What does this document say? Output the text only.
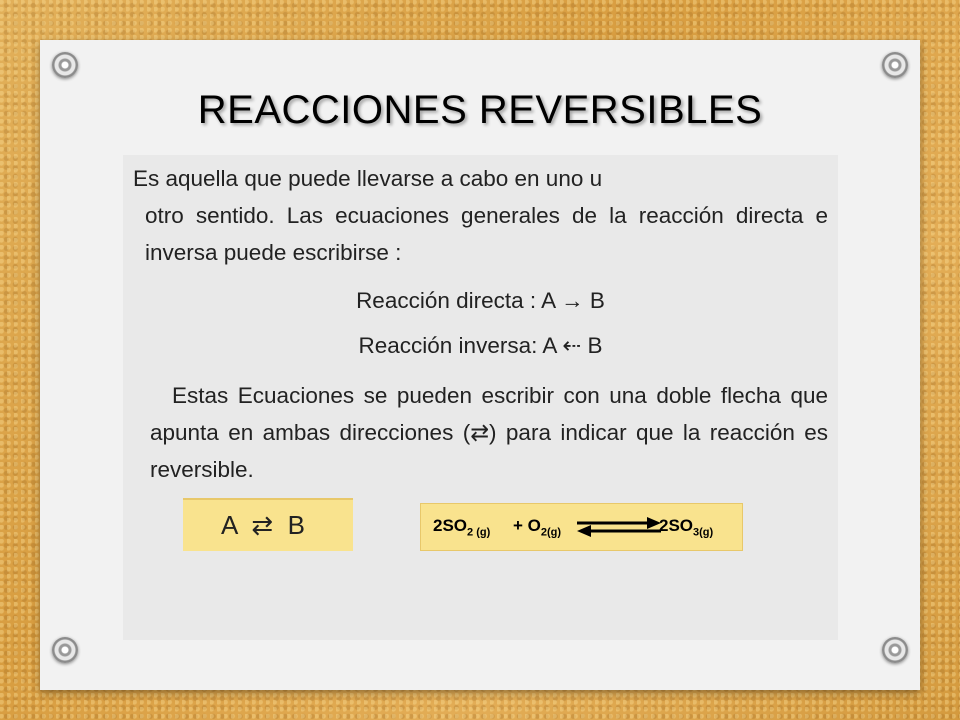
REACCIONES REVERSIBLES

Es aquella que puede llevarse a cabo en uno u
otro sentido. Las ecuaciones generales de la reacción directa e inversa puede escribirse :

Reacción directa : A → B

Reacción inversa: A ⇠ B

Estas Ecuaciones se pueden escribir con una doble flecha que apunta en ambas direcciones (⇄) para indicar que la reacción es reversible.

A  ⇄  B	$2SO_{2 (g)} + O_{2(g)}$	$2SO_{3(g)}$
